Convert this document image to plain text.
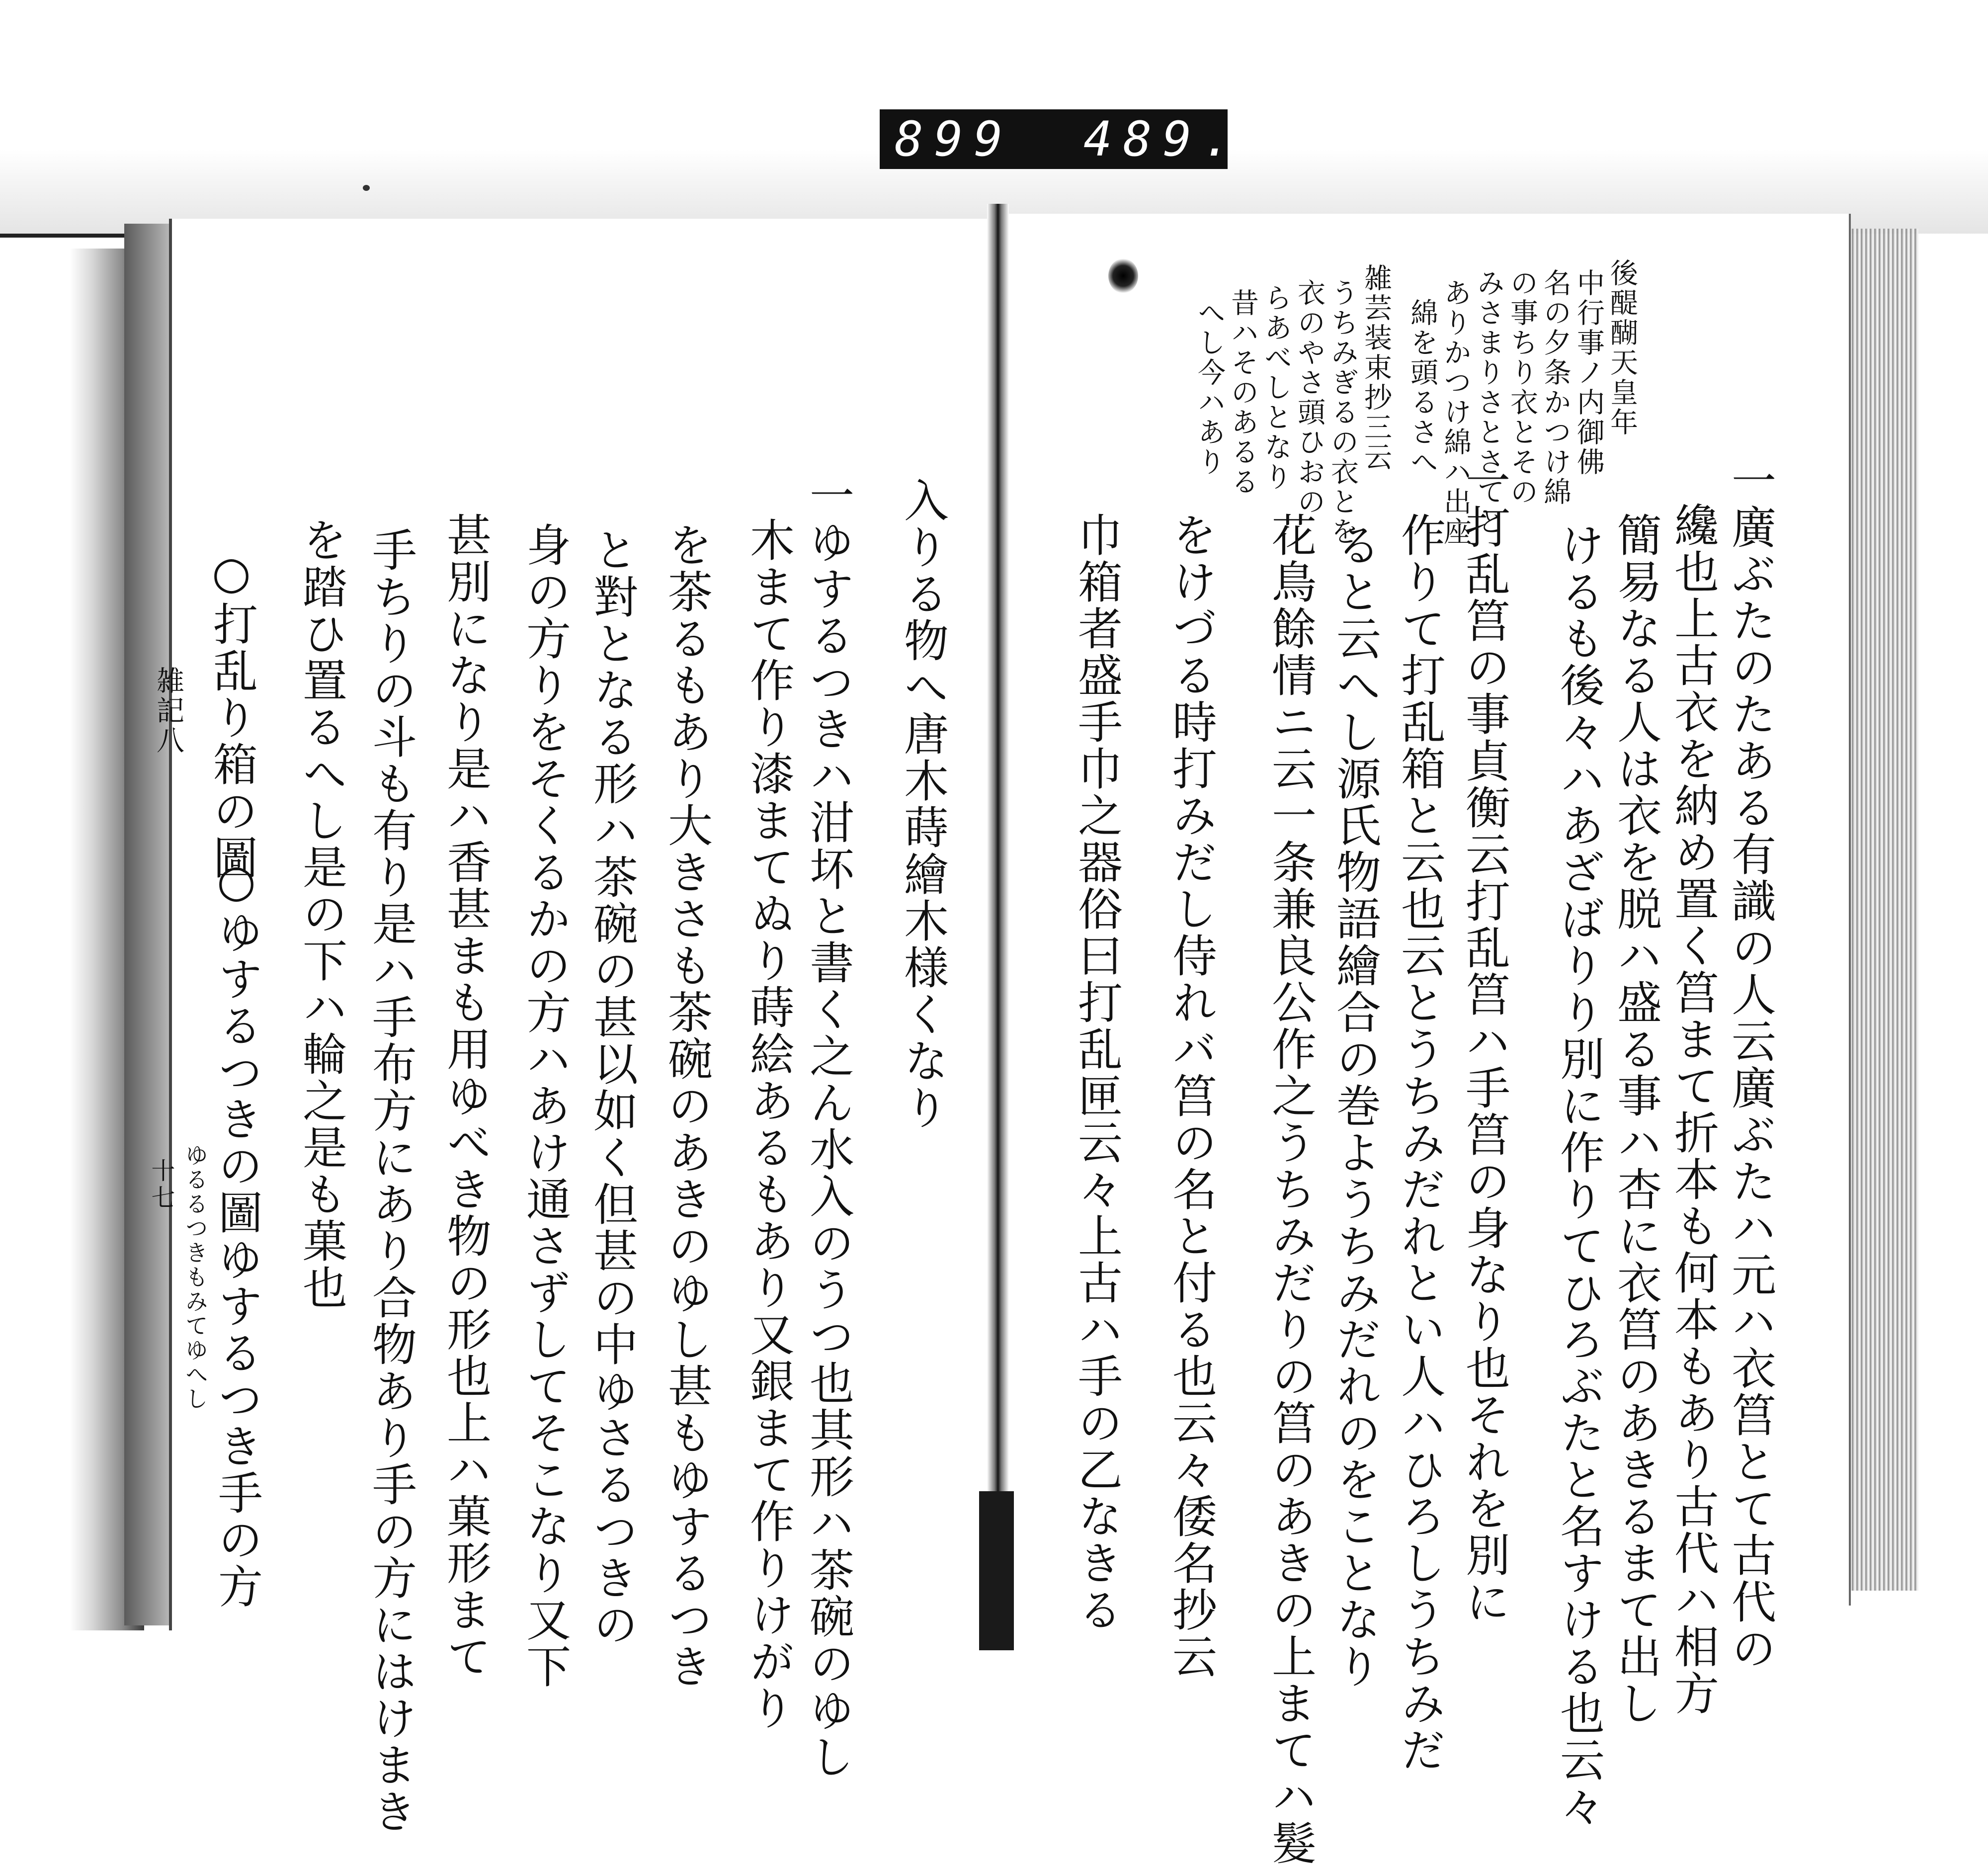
899	489.
後醍醐天皇年
中行事ノ内御佛
名の夕条かつけ綿
の事ちり衣とその
みさまりさとさてと
ありかつけ綿ハ出座
綿を頭るさへ
雑芸装束抄三云
うちみぎるの衣とを
衣のやさ頭ひおの
らあべしとなり
昔ハそのあるる
へし今ハあり
一廣ぶたのたある有識の人云廣ぶたハ元ハ衣筥とて古代の
纔也上古衣を納め置く筥まて折本も何本もあり古代ハ相方
簡易なる人は衣を脱ハ盛る事ハ杏に衣筥のあきるまて出し
けるも後々ハあざばりり別に作りてひろぶたと名すける也云々
一打乱筥の事貞衡云打乱筥ハ手筥の身なり也それを別に
作りて打乱箱と云也云とうちみだれとい人ハひろしうちみだ
ると云へし源氏物語繪合の巻ようちみだれのをことなり
花鳥餘情ニ云一条兼良公作之うちみだりの筥のあきの上まてハ髮
をけづる時打みだし侍れバ筥の名と付る也云々倭名抄云
巾箱者盛手巾之器俗曰打乱匣云々上古ハ手の乙なきる
入りる物へ唐木蒔繪木様くなり
一ゆするつきハ泔坏と書く之ん水入のうつ也其形ハ茶碗のゆし
木まて作り漆まてぬり蒔絵あるもあり又銀まて作りけがり
を茶るもあり大きさも茶碗のあきのゆし甚もゆするつき
と對となる形ハ茶碗の甚以如く但甚の中ゆさるつきの
身の方りをそくるかの方ハあけ通さずしてそこなり又下
甚別になり是ハ香甚まも用ゆべき物の形也上ハ菓形まて
手ちりの斗も有り是ハ手布方にあり合物あり手の方にはけまき
を踏ひ置るへし是の下ハ輪之是も菓也
○打乱り箱の圖
○ゆするつきの圖ゆするつき手の方
ゆるるつきもみてゆへし
雑記八
十七
